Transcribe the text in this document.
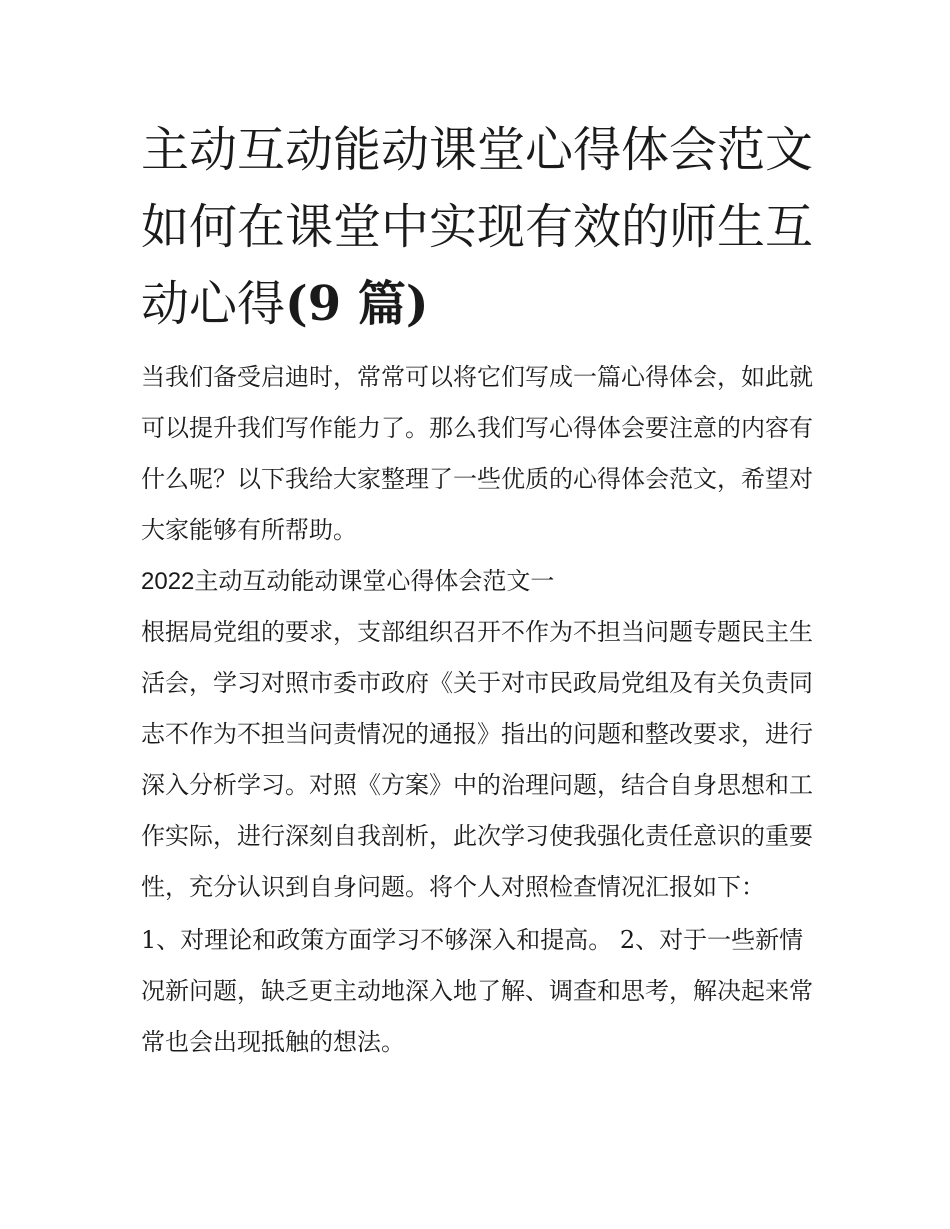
主动互动能动课堂心得体会范文 如何在课堂中实现有效的师生互动心得(9 篇)

当我们备受启迪时，常常可以将它们写成一篇心得体会，如此就可以提升我们写作能力了。那么我们写心得体会要注意的内容有什么呢？以下我给大家整理了一些优质的心得体会范文，希望对大家能够有所帮助。

2022主动互动能动课堂心得体会范文一

根据局党组的要求，支部组织召开不作为不担当问题专题民主生活会，学习对照市委市政府《关于对市民政局党组及有关负责同志不作为不担当问责情况的通报》指出的问题和整改要求，进行深入分析学习。对照《方案》中的治理问题，结合自身思想和工作实际，进行深刻自我剖析，此次学习使我强化责任意识的重要性，充分认识到自身问题。将个人对照检查情况汇报如下：

1、对理论和政策方面学习不够深入和提高。 2、对于一些新情况新问题，缺乏更主动地深入地了解、调查和思考，解决起来常常也会出现抵触的想法。
